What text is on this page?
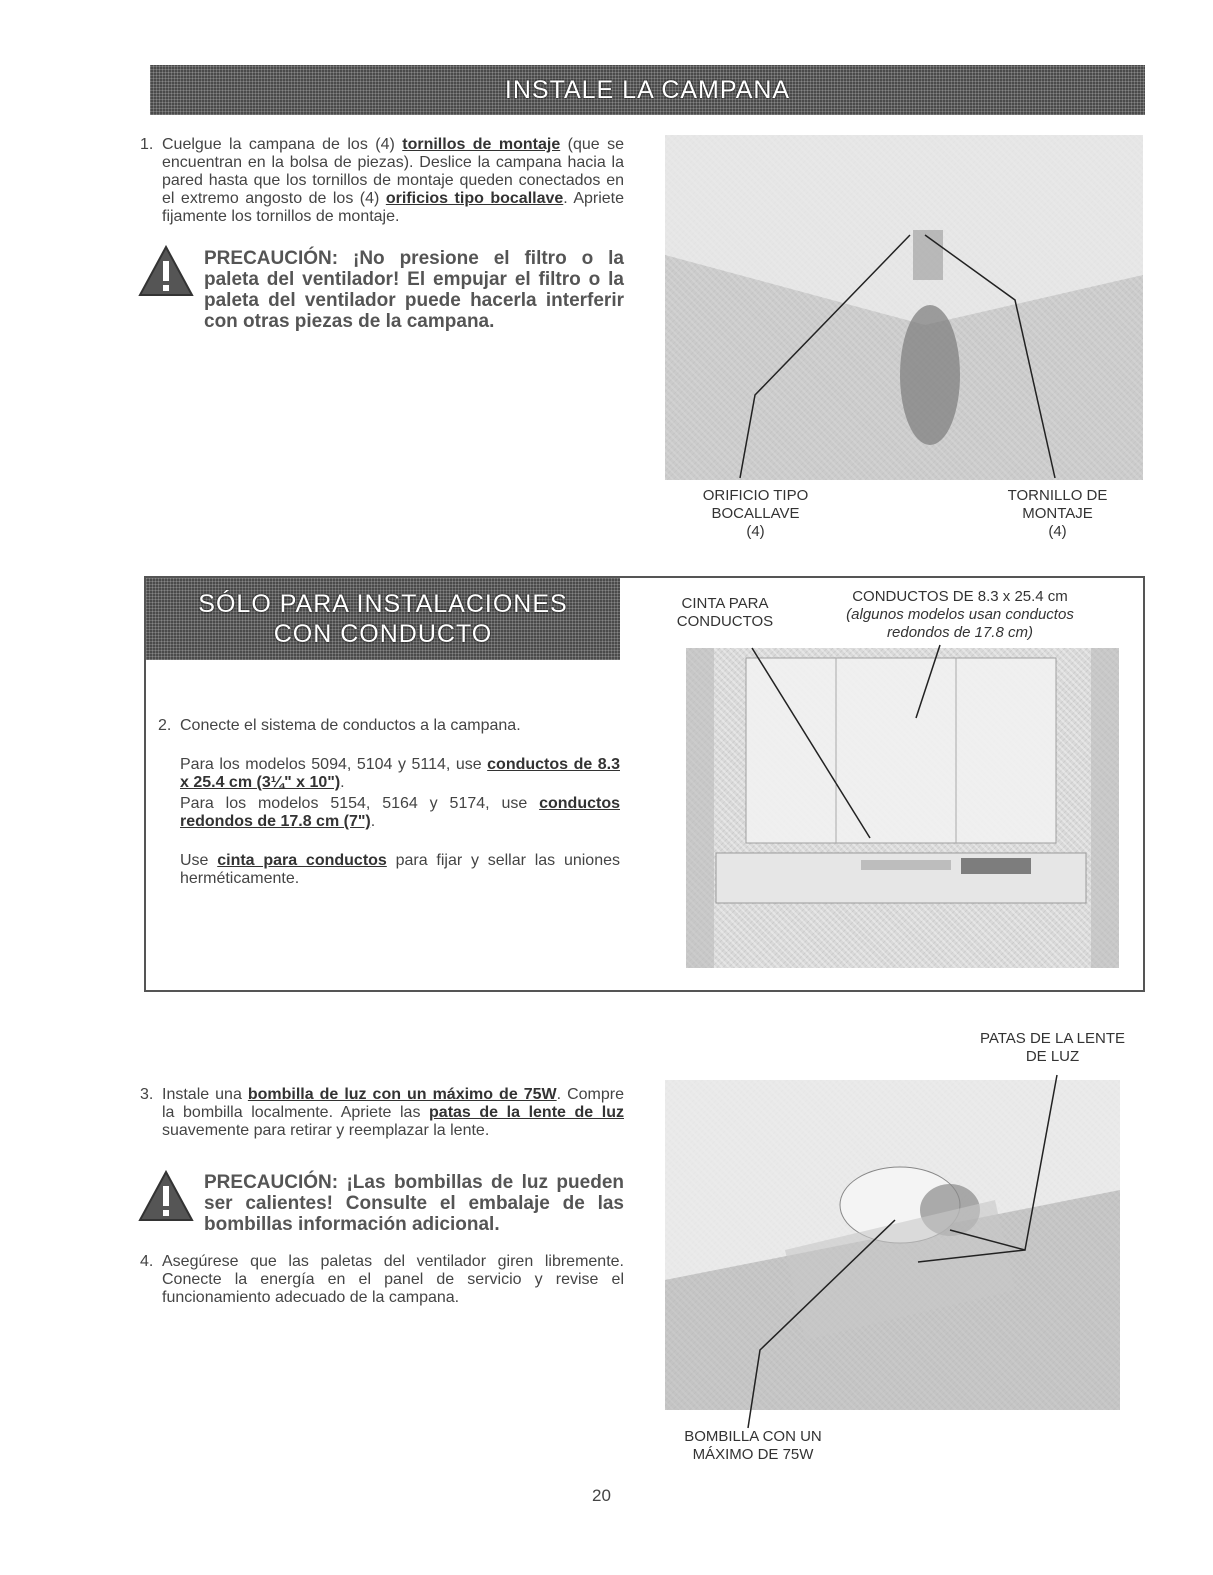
INSTALE LA CAMPANA
1. Cuelgue la campana de los (4) tornillos de montaje (que se encuentran en la bolsa de piezas). Deslice la campana hacia la pared hasta que los tornillos de montaje queden conectados en el extremo angosto de los (4) orificios tipo bocallave. Apriete fijamente los tornillos de montaje.
PRECAUCIÓN: ¡No presione el filtro o la paleta del ventilador! El empujar el filtro o la paleta del ventilador puede hacerla interferir con otras piezas de la campana.
ORIFICIO TIPO
BOCALLAVE
(4)
TORNILLO DE
MONTAJE
(4)
SÓLO PARA INSTALACIONES
CON CONDUCTO
2. Conecte el sistema de conductos a la campana.
Para los modelos 5094, 5104 y 5114, use conductos de 8.3 x 25.4 cm (3¼" x 10").
Para los modelos 5154, 5164 y 5174, use conductos redondos de 17.8 cm (7").
Use cinta para conductos para fijar y sellar las uniones herméticamente.
CINTA PARA
CONDUCTOS
CONDUCTOS DE 8.3 x 25.4 cm
(algunos modelos usan conductos
redondos de 17.8 cm)
3. Instale una bombilla de luz con un máximo de 75W. Compre la bombilla localmente. Apriete las patas de la lente de luz suavemente para retirar y reemplazar la lente.
PRECAUCIÓN: ¡Las bombillas de luz pueden ser calientes! Consulte el embalaje de las bombillas información adicional.
4. Asegúrese que las paletas del ventilador giren libremente. Conecte la energía en el panel de servicio y revise el funcionamiento adecuado de la campana.
PATAS DE LA LENTE
DE LUZ
BOMBILLA CON UN
MÁXIMO DE 75W
20
